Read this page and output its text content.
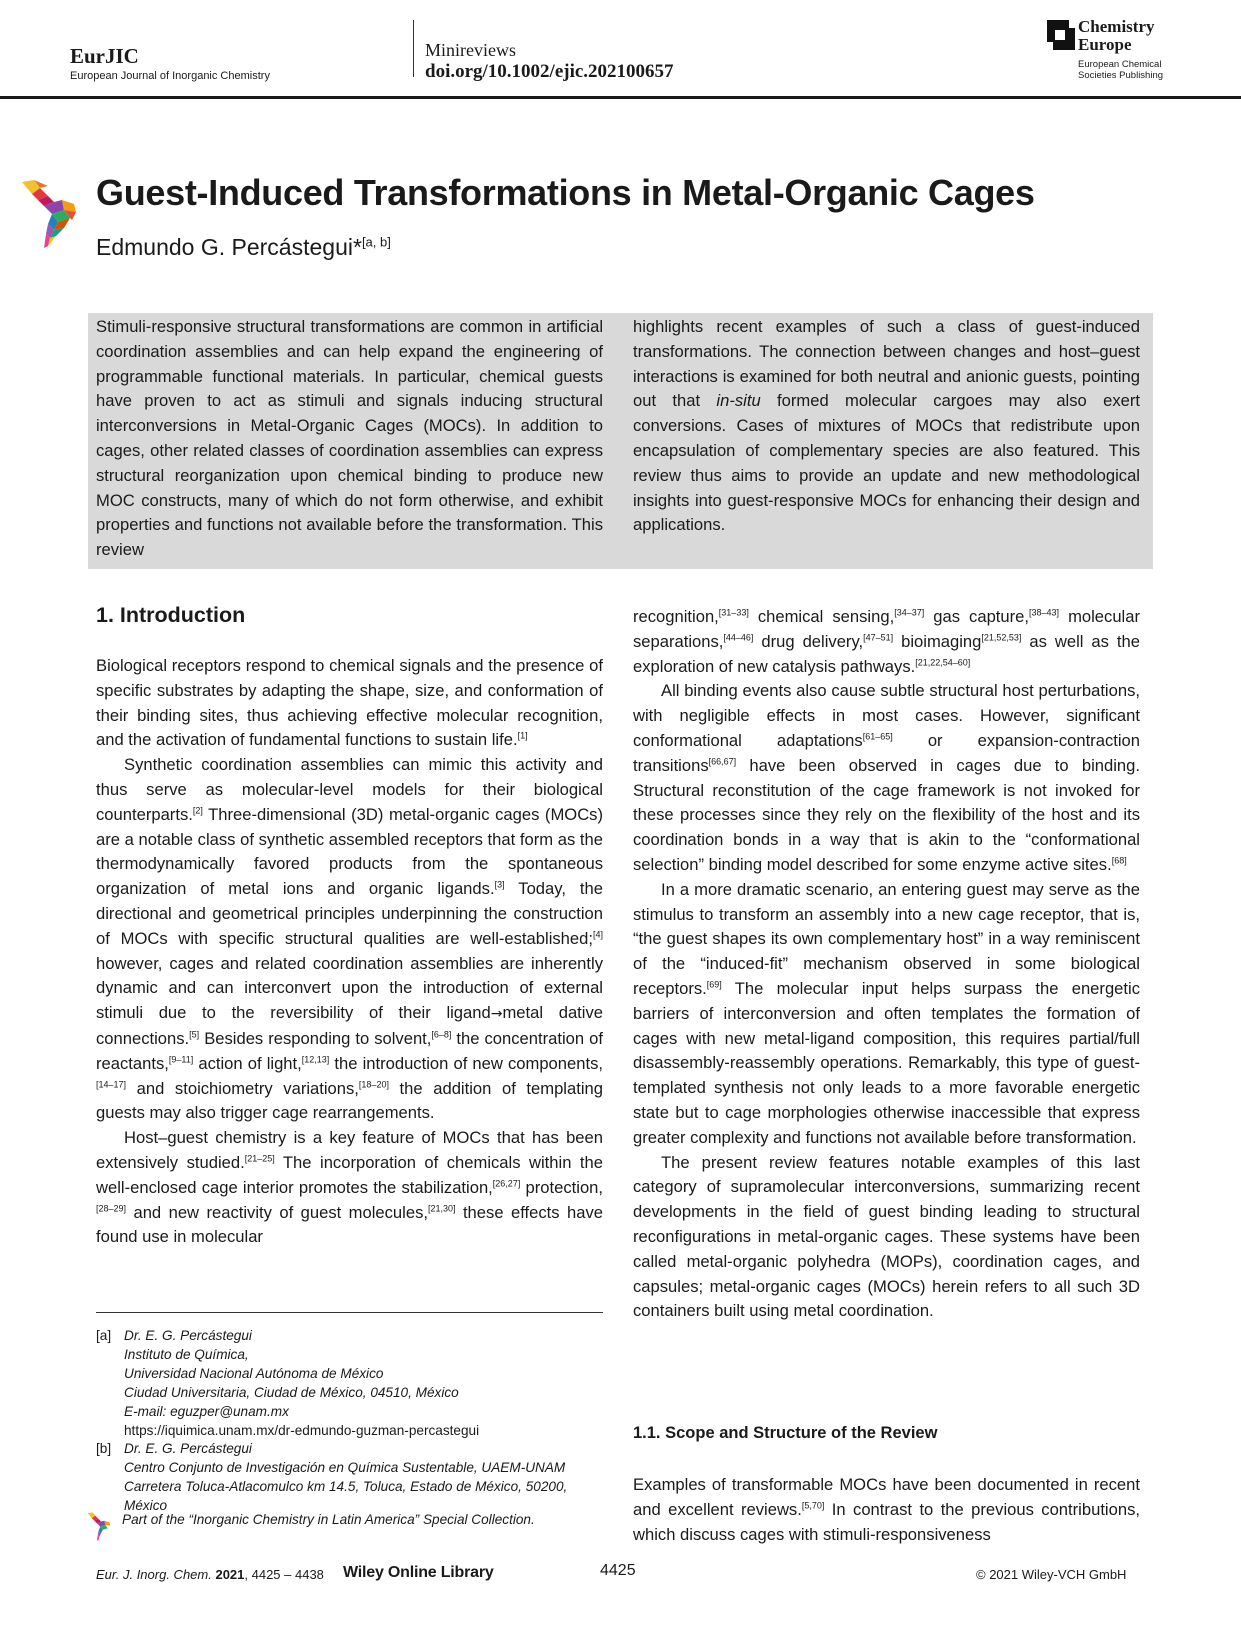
EurJIC
European Journal of Inorganic Chemistry
Minireviews
doi.org/10.1002/ejic.202100657
Chemistry
Europe
European Chemical
Societies Publishing
Guest-Induced Transformations in Metal-Organic Cages
Edmundo G. Percástegui*[a, b]
Stimuli-responsive structural transformations are common in artificial coordination assemblies and can help expand the engineering of programmable functional materials. In particular, chemical guests have proven to act as stimuli and signals inducing structural interconversions in Metal-Organic Cages (MOCs). In addition to cages, other related classes of coordination assemblies can express structural reorganization upon chemical binding to produce new MOC constructs, many of which do not form otherwise, and exhibit properties and functions not available before the transformation. This review
highlights recent examples of such a class of guest-induced transformations. The connection between changes and host–guest interactions is examined for both neutral and anionic guests, pointing out that in-situ formed molecular cargoes may also exert conversions. Cases of mixtures of MOCs that redistribute upon encapsulation of complementary species are also featured. This review thus aims to provide an update and new methodological insights into guest-responsive MOCs for enhancing their design and applications.
1. Introduction

Biological receptors respond to chemical signals and the presence of specific substrates by adapting the shape, size, and conformation of their binding sites, thus achieving effective molecular recognition, and the activation of fundamental functions to sustain life.[1]

Synthetic coordination assemblies can mimic this activity and thus serve as molecular-level models for their biological counterparts.[2] Three-dimensional (3D) metal-organic cages (MOCs) are a notable class of synthetic assembled receptors that form as the thermodynamically favored products from the spontaneous organization of metal ions and organic ligands.[3] Today, the directional and geometrical principles underpinning the construction of MOCs with specific structural qualities are well-established;[4] however, cages and related coordination assemblies are inherently dynamic and can interconvert upon the introduction of external stimuli due to the reversibility of their ligand→metal dative connections.[5] Besides responding to solvent,[6–8] the concentration of reactants,[9–11] action of light,[12,13] the introduction of new components,[14–17] and stoichiometry variations,[18–20] the addition of templating guests may also trigger cage rearrangements.

Host–guest chemistry is a key feature of MOCs that has been extensively studied.[21–25] The incorporation of chemicals within the well-enclosed cage interior promotes the stabilization,[26,27] protection,[28–29] and new reactivity of guest molecules,[21,30] these effects have found use in molecular

recognition,[31–33] chemical sensing,[34–37] gas capture,[38–43] molecular separations,[44–46] drug delivery,[47–51] bioimaging[21,52,53] as well as the exploration of new catalysis pathways.[21,22,54–60]

All binding events also cause subtle structural host perturbations, with negligible effects in most cases. However, significant conformational adaptations[61–65] or expansion-contraction transitions[66,67] have been observed in cages due to binding. Structural reconstitution of the cage framework is not invoked for these processes since they rely on the flexibility of the host and its coordination bonds in a way that is akin to the “conformational selection” binding model described for some enzyme active sites.[68]

In a more dramatic scenario, an entering guest may serve as the stimulus to transform an assembly into a new cage receptor, that is, “the guest shapes its own complementary host” in a way reminiscent of the “induced-fit” mechanism observed in some biological receptors.[69] The molecular input helps surpass the energetic barriers of interconversion and often templates the formation of cages with new metal-ligand composition, this requires partial/full disassembly-reassembly operations. Remarkably, this type of guest-templated synthesis not only leads to a more favorable energetic state but to cage morphologies otherwise inaccessible that express greater complexity and functions not available before transformation.

The present review features notable examples of this last category of supramolecular interconversions, summarizing recent developments in the field of guest binding leading to structural reconfigurations in metal-organic cages. These systems have been called metal-organic polyhedra (MOPs), coordination cages, and capsules; metal-organic cages (MOCs) herein refers to all such 3D containers built using metal coordination.

1.1. Scope and Structure of the Review

Examples of transformable MOCs have been documented in recent and excellent reviews.[5,70] In contrast to the previous contributions, which discuss cages with stimuli-responsiveness

[a] Dr. E. G. Percástegui
Instituto de Química,
Universidad Nacional Autónoma de México
Ciudad Universitaria, Ciudad de México, 04510, México
E-mail: eguzper@unam.mx
https://iquimica.unam.mx/dr-edmundo-guzman-percastegui
[b] Dr. E. G. Percástegui
Centro Conjunto de Investigación en Química Sustentable, UAEM-UNAM
Carretera Toluca-Atlacomulco km 14.5, Toluca, Estado de México, 50200,
México
Part of the “Inorganic Chemistry in Latin America” Special Collection.
Eur. J. Inorg. Chem. 2021, 4425 – 4438 Wiley Online Library	4425	© 2021 Wiley-VCH GmbH
